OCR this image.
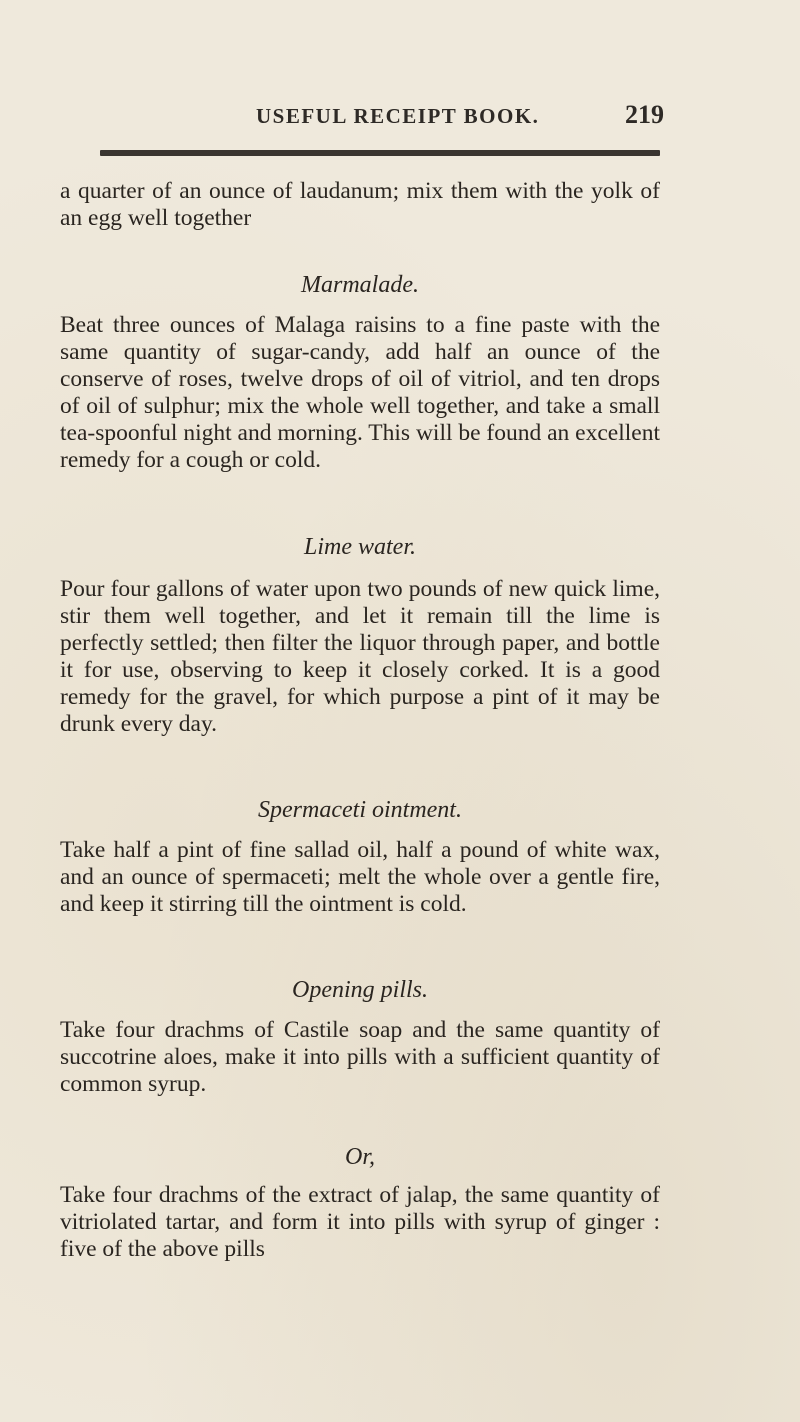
USEFUL RECEIPT BOOK.	219
a quarter of an ounce of laudanum; mix them with the yolk of an egg well together
Marmalade.
Beat three ounces of Malaga raisins to a fine paste with the same quantity of sugar-candy, add half an ounce of the conserve of roses, twelve drops of oil of vitriol, and ten drops of oil of sulphur; mix the whole well together, and take a small tea-spoonful night and morning. This will be found an excellent remedy for a cough or cold.
Lime water.
Pour four gallons of water upon two pounds of new quick lime, stir them well together, and let it remain till the lime is perfectly settled; then filter the liquor through paper, and bottle it for use, observing to keep it closely corked. It is a good remedy for the gravel, for which purpose a pint of it may be drunk every day.
Spermaceti ointment.
Take half a pint of fine sallad oil, half a pound of white wax, and an ounce of spermaceti; melt the whole over a gentle fire, and keep it stirring till the ointment is cold.
Opening pills.
Take four drachms of Castile soap and the same quantity of succotrine aloes, make it into pills with a sufficient quantity of common syrup.
Or,
Take four drachms of the extract of jalap, the same quantity of vitriolated tartar, and form it into pills with syrup of ginger : five of the above pills
